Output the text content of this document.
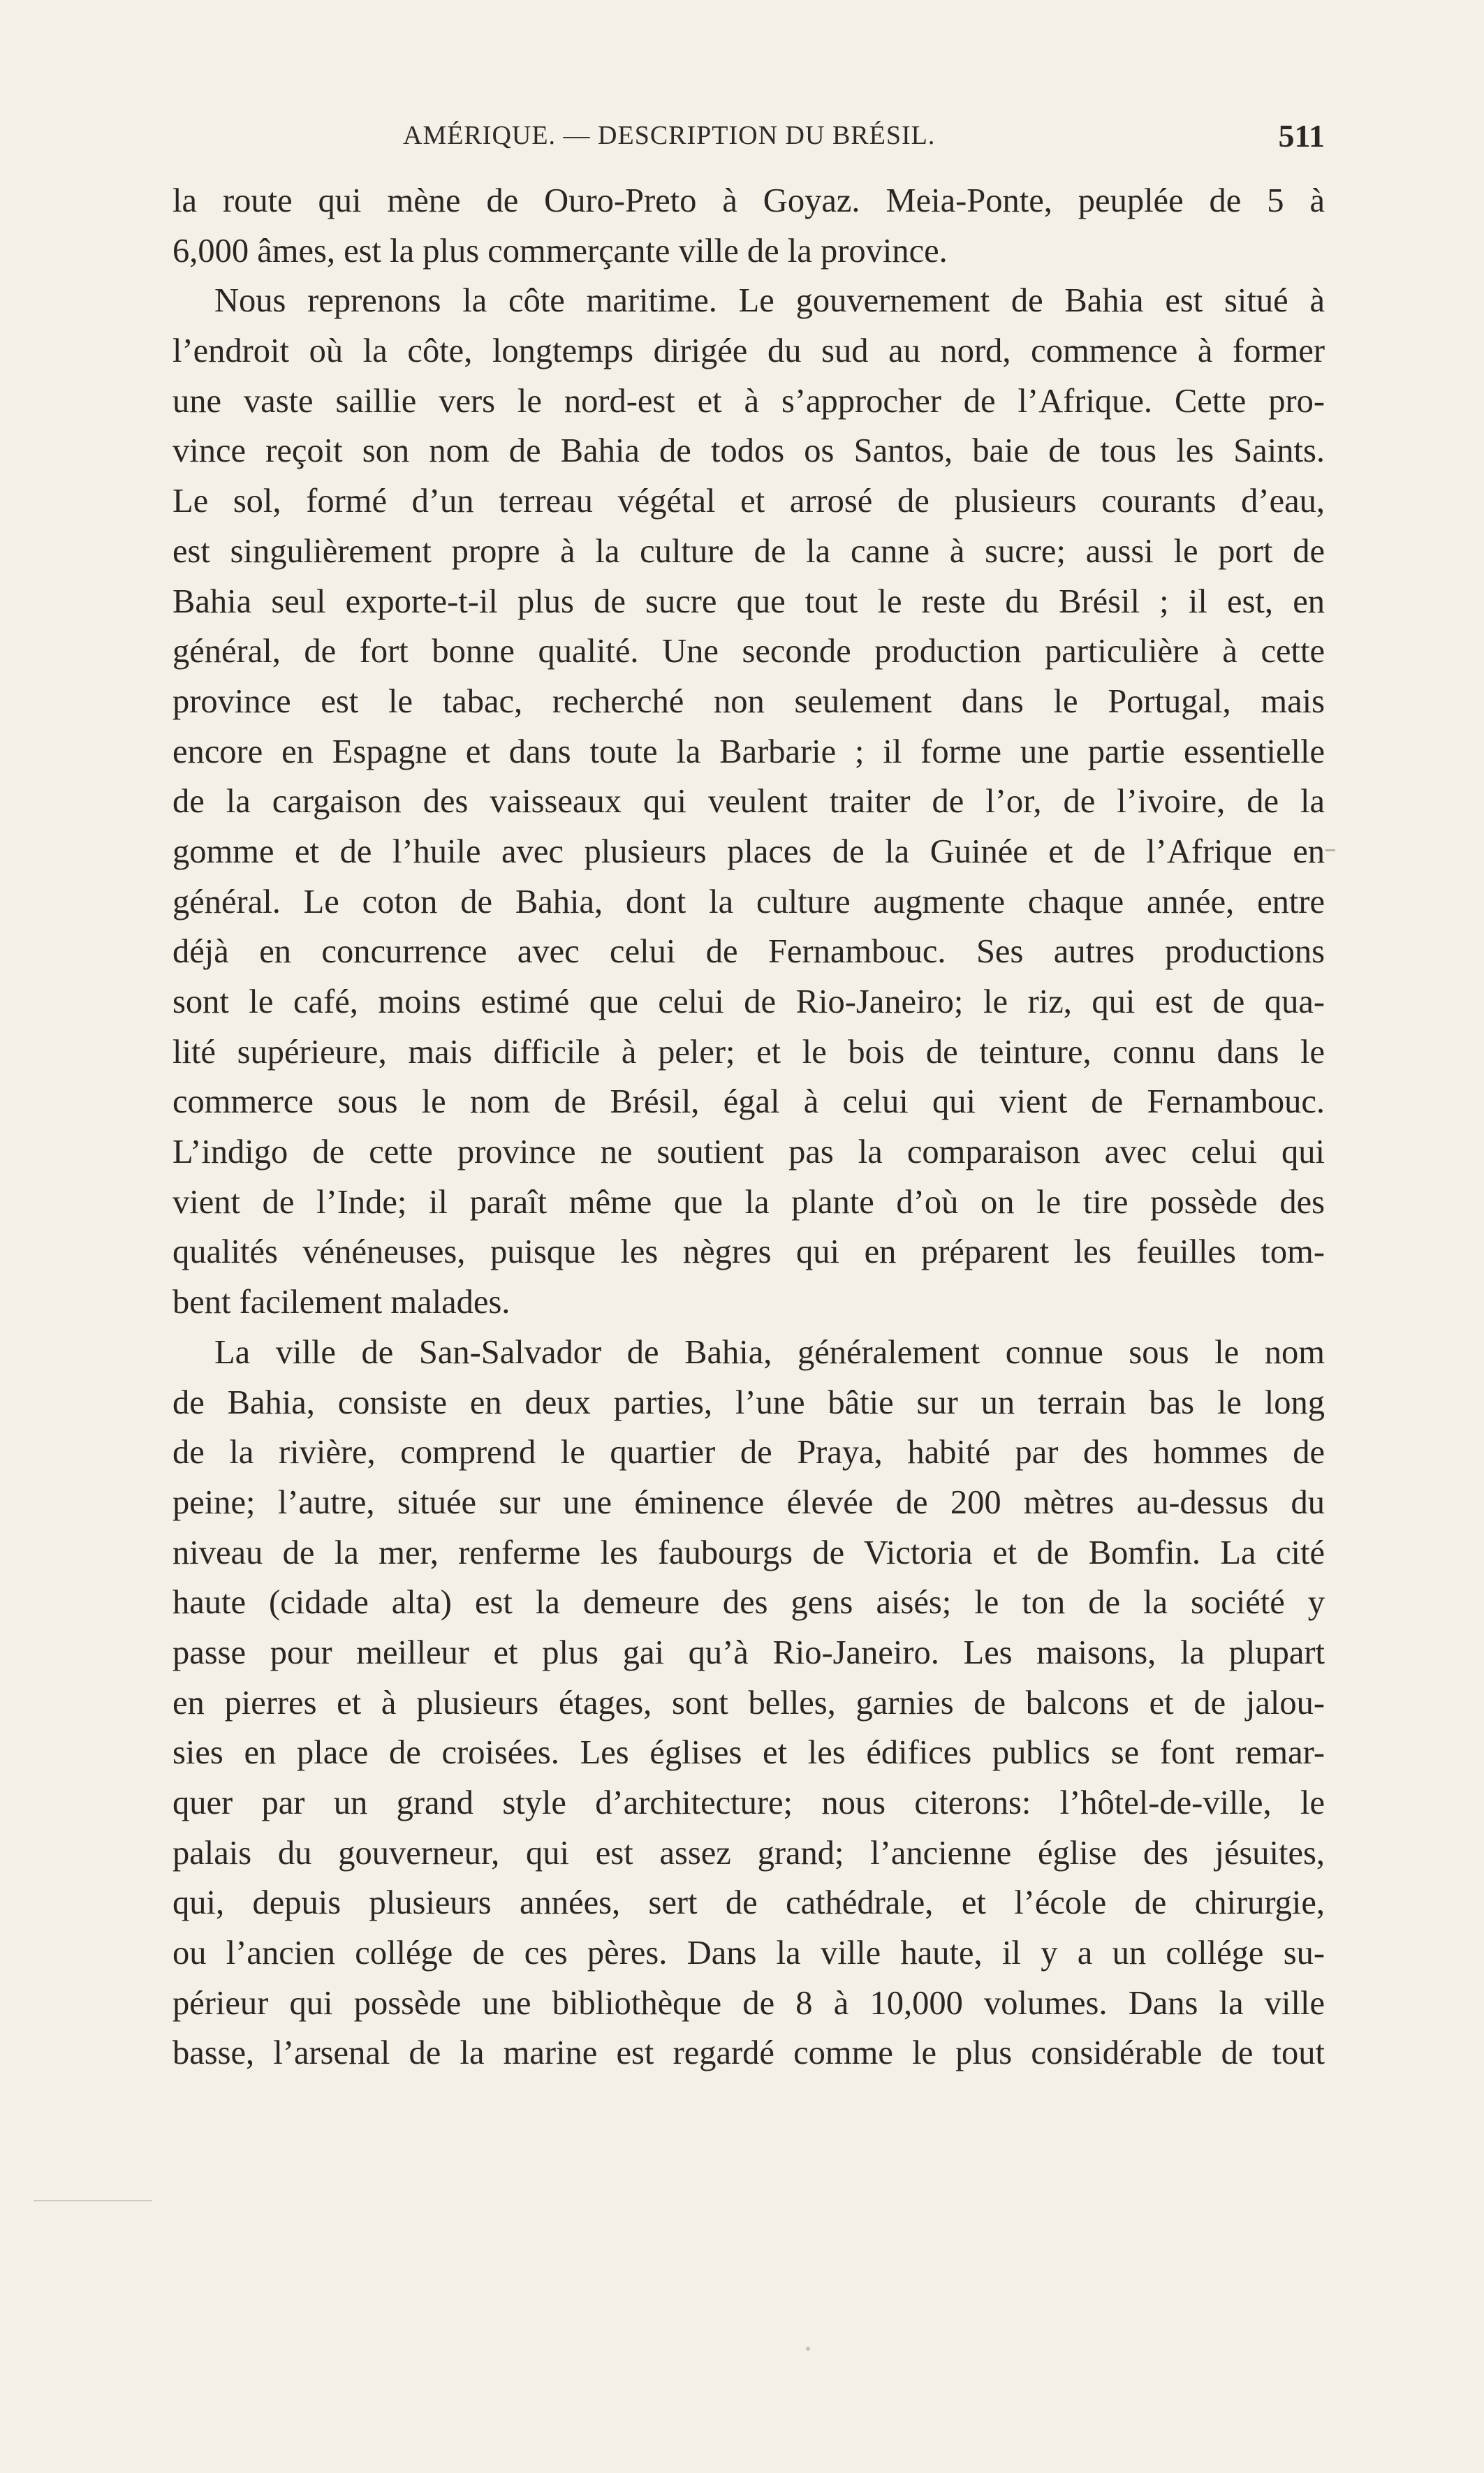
AMÉRIQUE. — DESCRIPTION DU BRÉSIL.	511
la route qui mène de Ouro-Preto à Goyaz. Meia-Ponte, peuplée de 5 à
6,000 âmes, est la plus commerçante ville de la province.
Nous reprenons la côte maritime. Le gouvernement de Bahia est situé à
l’endroit où la côte, longtemps dirigée du sud au nord, commence à former
une vaste saillie vers le nord-est et à s’approcher de l’Afrique. Cette pro-
vince reçoit son nom de Bahia de todos os Santos, baie de tous les Saints.
Le sol, formé d’un terreau végétal et arrosé de plusieurs courants d’eau,
est singulièrement propre à la culture de la canne à sucre; aussi le port de
Bahia seul exporte-t-il plus de sucre que tout le reste du Brésil ; il est, en
général, de fort bonne qualité. Une seconde production particulière à cette
province est le tabac, recherché non seulement dans le Portugal, mais
encore en Espagne et dans toute la Barbarie ; il forme une partie essentielle
de la cargaison des vaisseaux qui veulent traiter de l’or, de l’ivoire, de la
gomme et de l’huile avec plusieurs places de la Guinée et de l’Afrique en
général. Le coton de Bahia, dont la culture augmente chaque année, entre
déjà en concurrence avec celui de Fernambouc. Ses autres productions
sont le café, moins estimé que celui de Rio-Janeiro; le riz, qui est de qua-
lité supérieure, mais difficile à peler; et le bois de teinture, connu dans le
commerce sous le nom de Brésil, égal à celui qui vient de Fernambouc.
L’indigo de cette province ne soutient pas la comparaison avec celui qui
vient de l’Inde; il paraît même que la plante d’où on le tire possède des
qualités vénéneuses, puisque les nègres qui en préparent les feuilles tom-
bent facilement malades.
La ville de San-Salvador de Bahia, généralement connue sous le nom
de Bahia, consiste en deux parties, l’une bâtie sur un terrain bas le long
de la rivière, comprend le quartier de Praya, habité par des hommes de
peine; l’autre, située sur une éminence élevée de 200 mètres au-dessus du
niveau de la mer, renferme les faubourgs de Victoria et de Bomfin. La cité
haute (cidade alta) est la demeure des gens aisés; le ton de la société y
passe pour meilleur et plus gai qu’à Rio-Janeiro. Les maisons, la plupart
en pierres et à plusieurs étages, sont belles, garnies de balcons et de jalou-
sies en place de croisées. Les églises et les édifices publics se font remar-
quer par un grand style d’architecture; nous citerons: l’hôtel-de-ville, le
palais du gouverneur, qui est assez grand; l’ancienne église des jésuites,
qui, depuis plusieurs années, sert de cathédrale, et l’école de chirurgie,
ou l’ancien collége de ces pères. Dans la ville haute, il y a un collége su-
périeur qui possède une bibliothèque de 8 à 10,000 volumes. Dans la ville
basse, l’arsenal de la marine est regardé comme le plus considérable de tout
